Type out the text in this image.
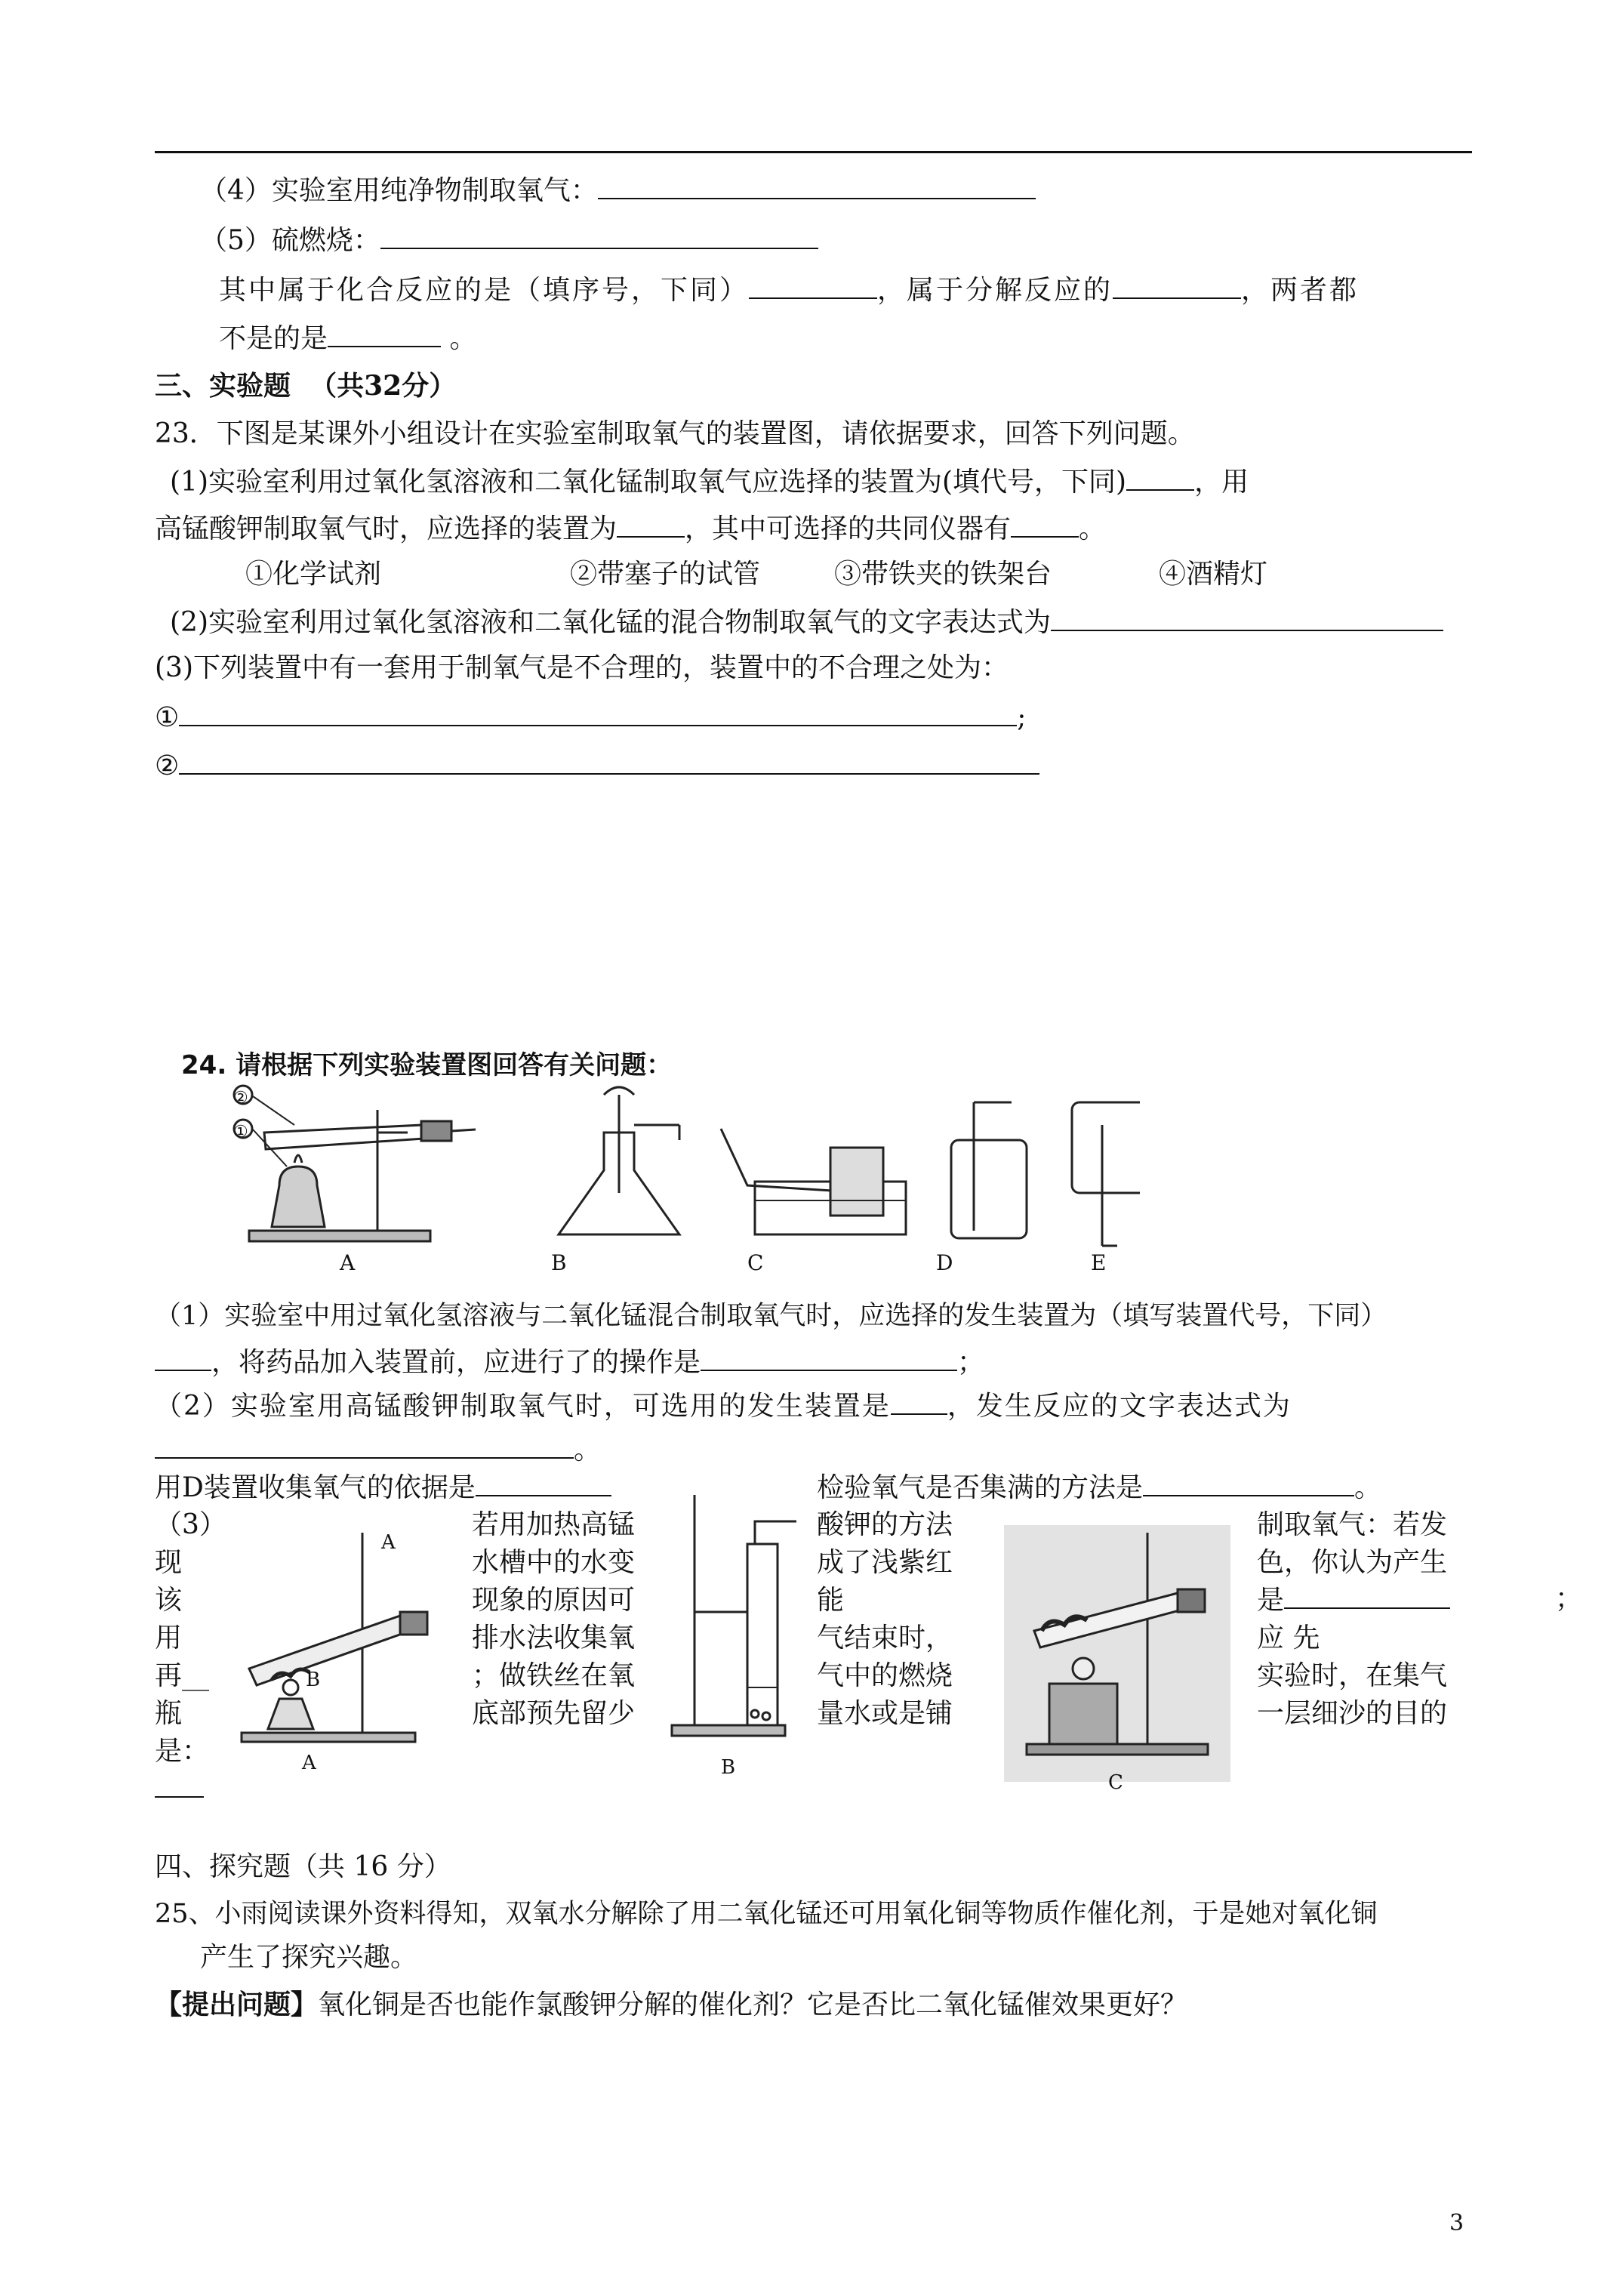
（4）实验室用纯净物制取氧气：
（5）硫燃烧：
其中属于化合反应的是（填序号，下同）	，属于分解反应的	，两者都
不是的是	。
三、实验题 （共32分）
23．下图是某课外小组设计在实验室制取氧气的装置图，请依据要求，回答下列问题。
(1)实验室利用过氧化氢溶液和二氧化锰制取氧气应选择的装置为(填代号，下同)	，用
高锰酸钾制取氧气时，应选择的装置为	，其中可选择的共同仪器有	。
①化学试剂	②带塞子的试管	③带铁夹的铁架台	④酒精灯
(2)实验室利用过氧化氢溶液和二氧化锰的混合物制取氧气的文字表达式为
(3)下列装置中有一套用于制氧气是不合理的，装置中的不合理之处为：
①	;
②
24. 请根据下列实验装置图回答有关问题：
A	B	C	D	E
②
①
（1）实验室中用过氧化氢溶液与二氧化锰混合制取氧气时，应选择的发生装置为（填写装置代号，下同）
，将药品加入装置前，应进行了的操作是	；
（2）实验室用高锰酸钾制取氧气时，可选用的发生装置是 ，发生反应的文字表达式为
。
用D装置收集氧气的依据是	检验氧气是否集满的方法是	。
（3）
现
该
用
再__
瓶
是：
A
B
A
若用加热高锰
水槽中的水变
现象的原因可
排水法收集氧
；做铁丝在氧
底部预先留少
B
酸钾的方法
成了浅紫红
能
气结束时，
气中的燃烧
量水或是铺
C
制取氧气：若发
色，你认为产生
是
应 先
实验时，在集气
一层细沙的目的
；
四、探究题（共 16 分）
25、小雨阅读课外资料得知，双氧水分解除了用二氧化锰还可用氧化铜等物质作催化剂，于是她对氧化铜
产生了探究兴趣。
【提出问题】氧化铜是否也能作氯酸钾分解的催化剂？它是否比二氧化锰催效果更好？
3
